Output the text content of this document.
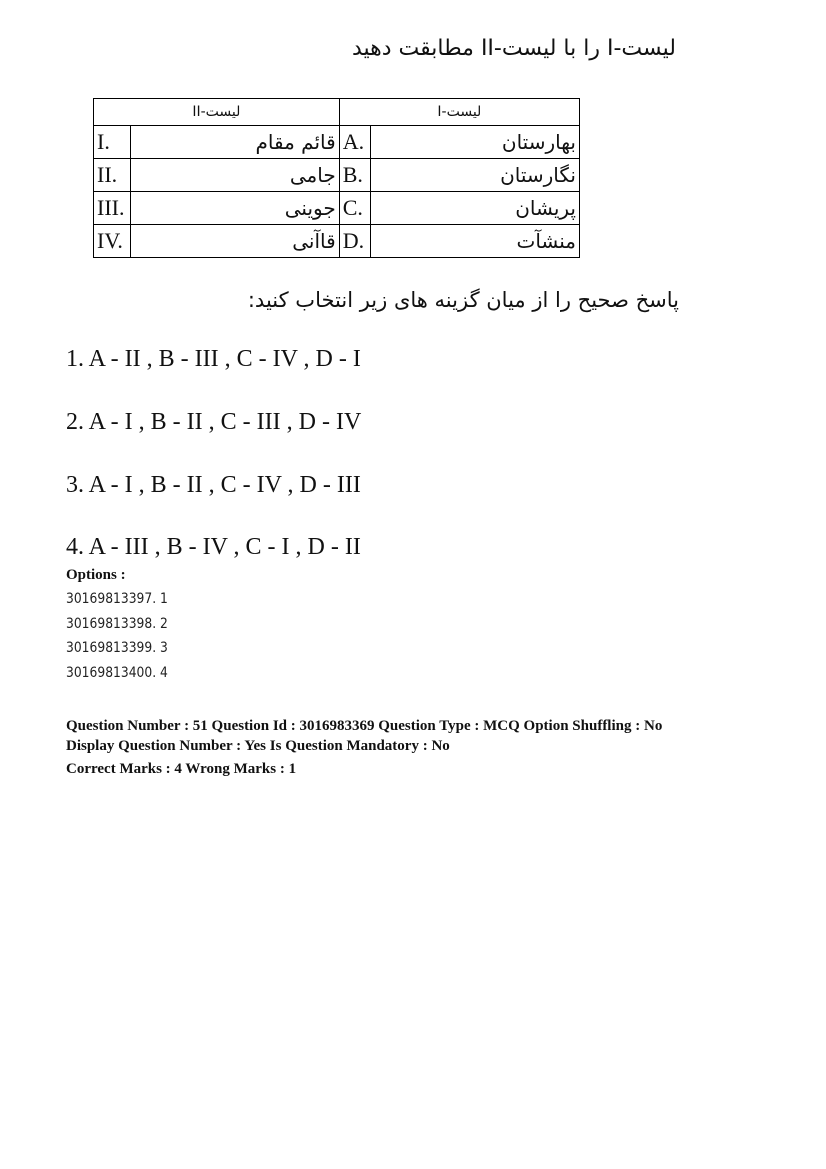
لیست-I را با لیست-II مطابقت دهید
لیست-II		لیست-I	
I.	قائم مقام	A.	بهارستان
II.	جامی	B.	نگارستان
III.	جوینی	C.	پریشان
IV.	قاآنی	D.	منشآت
پاسخ صحیح را از میان گزینه های زیر انتخاب کنید:
1. A - II , B - III , C - IV , D - I
2. A - I , B - II , C - III , D - IV
3. A - I , B - II , C - IV , D - III
4. A - III , B - IV , C - I , D - II
Options :
30169813397. 1
30169813398. 2
30169813399. 3
30169813400. 4
Question Number : 51 Question Id : 3016983369 Question Type : MCQ Option Shuffling : No
Display Question Number : Yes Is Question Mandatory : No
Correct Marks : 4 Wrong Marks : 1
